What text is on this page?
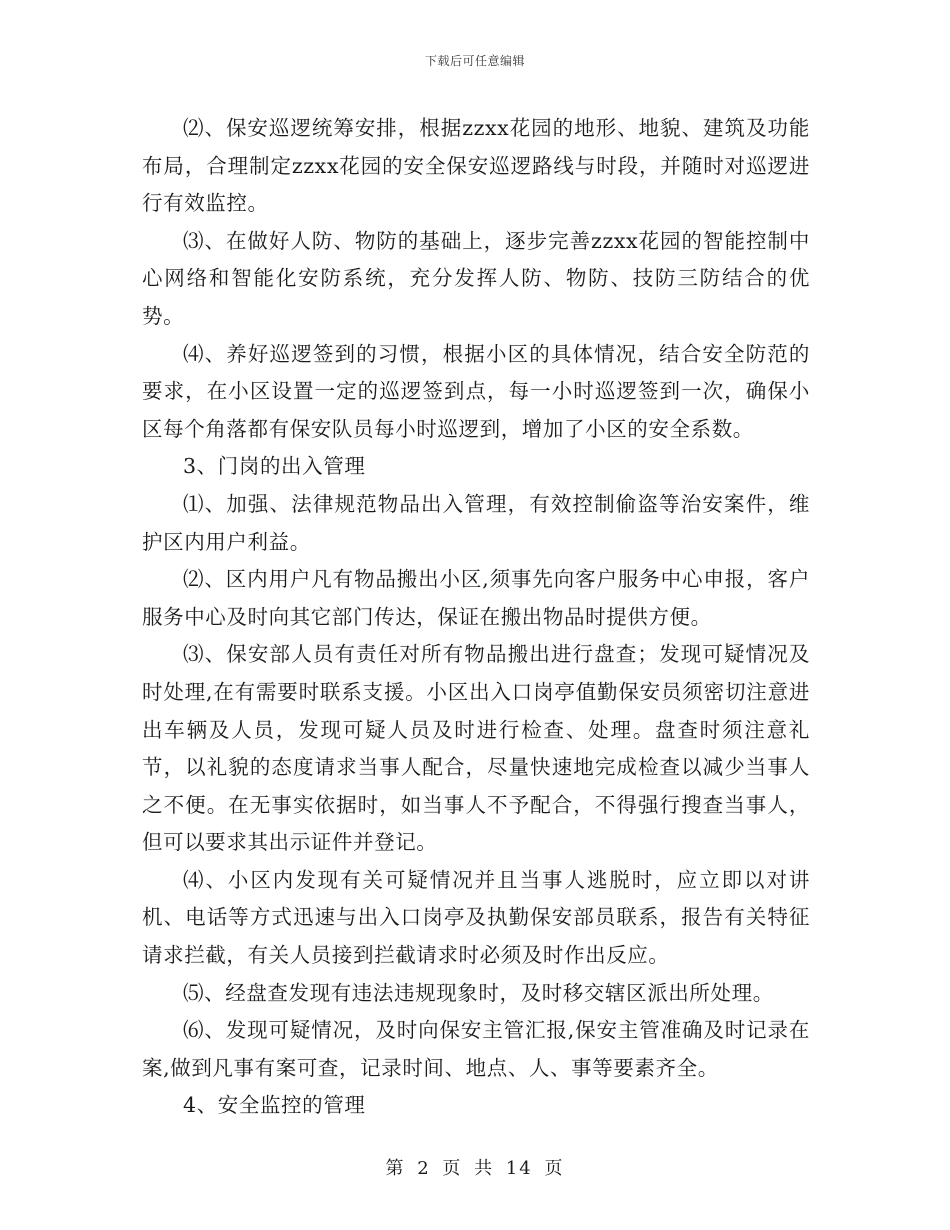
下载后可任意编辑

⑵、保安巡逻统筹安排，根据zzxx花园的地形、地貌、建筑及功能布局，合理制定zzxx花园的安全保安巡逻路线与时段，并随时对巡逻进行有效监控。

⑶、在做好人防、物防的基础上，逐步完善zzxx花园的智能控制中心网络和智能化安防系统，充分发挥人防、物防、技防三防结合的优势。

⑷、养好巡逻签到的习惯，根据小区的具体情况，结合安全防范的要求，在小区设置一定的巡逻签到点，每一小时巡逻签到一次，确保小区每个角落都有保安队员每小时巡逻到，增加了小区的安全系数。

3、门岗的出入管理

⑴、加强、法律规范物品出入管理，有效控制偷盗等治安案件，维护区内用户利益。

⑵、区内用户凡有物品搬出小区,须事先向客户服务中心申报，客户服务中心及时向其它部门传达，保证在搬出物品时提供方便。

⑶、保安部人员有责任对所有物品搬出进行盘查；发现可疑情况及时处理,在有需要时联系支援。小区出入口岗亭值勤保安员须密切注意进出车辆及人员，发现可疑人员及时进行检查、处理。盘查时须注意礼节，以礼貌的态度请求当事人配合，尽量快速地完成检查以减少当事人之不便。在无事实依据时，如当事人不予配合，不得强行搜查当事人，但可以要求其出示证件并登记。

⑷、小区内发现有关可疑情况并且当事人逃脱时，应立即以对讲机、电话等方式迅速与出入口岗亭及执勤保安部员联系，报告有关特征请求拦截，有关人员接到拦截请求时必须及时作出反应。

⑸、经盘查发现有违法违规现象时，及时移交辖区派出所处理。

⑹、发现可疑情况，及时向保安主管汇报,保安主管准确及时记录在案,做到凡事有案可查，记录时间、地点、人、事等要素齐全。

4、安全监控的管理

第 2 页 共 14 页
